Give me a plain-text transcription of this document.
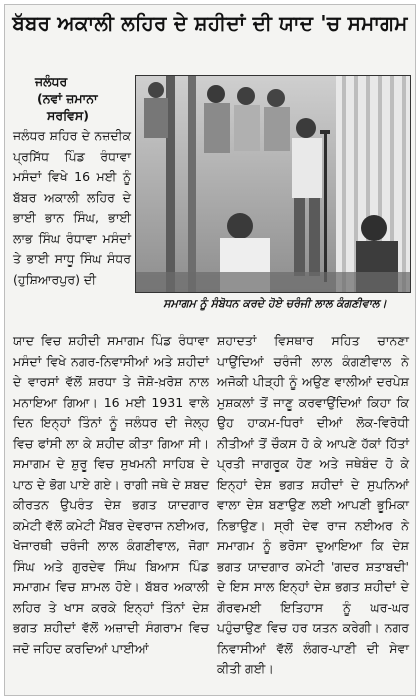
ਬੱਬਰ ਅਕਾਲੀ ਲਹਿਰ ਦੇ ਸ਼ਹੀਦਾਂ ਦੀ ਯਾਦ 'ਚ ਸਮਾਗਮ
ਜਲੰਧਰ
(ਨਵਾਂ ਜ਼ਮਾਨਾ
ਸਰਵਿਸ)
ਜਲੰਧਰ ਸ਼ਹਿਰ ਦੇ ਨਜ਼ਦੀਕ ਪ੍ਰਸਿੱਧ ਪਿੰਡ ਰੰਧਾਵਾ ਮਸੰਦਾਂ ਵਿਖੇ 16 ਮਈ ਨੂੰ ਬੱਬਰ ਅਕਾਲੀ ਲਹਿਰ ਦੇ ਭਾਈ ਭਾਨ ਸਿੰਘ, ਭਾਈ ਲਾਭ ਸਿੰਘ ਰੰਧਾਵਾ ਮਸੰਦਾਂ ਤੇ ਭਾਈ ਸਾਧੂ ਸਿੰਘ ਸੰਧਰ (ਹੁਸ਼ਿਆਰਪੁਰ) ਦੀ
ਸਮਾਗਮ ਨੂੰ ਸੰਬੋਧਨ ਕਰਦੇ ਹੋਏ ਚਰੰਜੀ ਲਾਲ ਕੰਗਣੀਵਾਲ।
ਯਾਦ ਵਿਚ ਸ਼ਹੀਦੀ ਸਮਾਗਮ ਪਿੰਡ ਰੰਧਾਵਾ ਮਸੰਦਾਂ ਵਿਖੇ ਨਗਰ-ਨਿਵਾਸੀਆਂ ਅਤੇ ਸ਼ਹੀਦਾਂ ਦੇ ਵਾਰਸਾਂ ਵੱਲੋਂ ਸ਼ਰਧਾ ਤੇ ਜੋਸ਼ੋ-ਖ਼ਰੋਸ਼ ਨਾਲ ਮਨਾਇਆ ਗਿਆ। 16 ਮਈ 1931 ਵਾਲੇ ਦਿਨ ਇਨ੍ਹਾਂ ਤਿੰਨਾਂ ਨੂੰ ਜਲੰਧਰ ਦੀ ਜੇਲ੍ਹ ਵਿਚ ਫਾਂਸੀ ਲਾ ਕੇ ਸ਼ਹੀਦ ਕੀਤਾ ਗਿਆ ਸੀ। ਸਮਾਗਮ ਦੇ ਸ਼ੁਰੂ ਵਿਚ ਸੁਖਮਨੀ ਸਾਹਿਬ ਦੇ ਪਾਠ ਦੇ ਭੋਗ ਪਾਏ ਗਏ। ਰਾਗੀ ਜਥੇ ਦੇ ਸ਼ਬਦ ਕੀਰਤਨ ਉਪਰੰਤ ਦੇਸ਼ ਭਗਤ ਯਾਦਗਾਰ ਕਮੇਟੀ ਵੱਲੋਂ ਕਮੇਟੀ ਮੈਂਬਰ ਦੇਵਰਾਜ ਨਈਅਰ, ਖੋਜਾਰਥੀ ਚਰੰਜੀ ਲਾਲ ਕੰਗਣੀਵਾਲ, ਜੋਗਾ ਸਿੰਘ ਅਤੇ ਗੁਰਦੇਵ ਸਿੰਘ ਬਿਆਸ ਪਿੰਡ ਸਮਾਗਮ ਵਿਚ ਸ਼ਾਮਲ ਹੋਏ। ਬੱਬਰ ਅਕਾਲੀ ਲਹਿਰ ਤੇ ਖਾਸ ਕਰਕੇ ਇਨ੍ਹਾਂ ਤਿੰਨਾਂ ਦੇਸ਼ ਭਗਤ ਸ਼ਹੀਦਾਂ ਵੱਲੋਂ ਅਜ਼ਾਦੀ ਸੰਗਰਾਮ ਵਿਚ ਜਦੋ ਜਹਿਦ ਕਰਦਿਆਂ ਪਾਈਆਂ
ਸ਼ਹਾਦਤਾਂ ਵਿਸਥਾਰ ਸਹਿਤ ਚਾਨਣਾ ਪਾਉਂਦਿਆਂ ਚਰੰਜੀ ਲਾਲ ਕੰਗਣੀਵਾਲ ਨੇ ਅਜੋਕੀ ਪੀੜ੍ਹੀ ਨੂੰ ਅਉਣ ਵਾਲੀਆਂ ਦਰਪੇਸ਼ ਮੁਸ਼ਕਲਾਂ ਤੋਂ ਜਾਣੂ ਕਰਵਾਉਂਦਿਆਂ ਕਿਹਾ ਕਿ ਉਹ ਹਾਕਮ-ਧਿਰਾਂ ਦੀਆਂ ਲੋਕ-ਵਿਰੋਧੀ ਨੀਤੀਆਂ ਤੋਂ ਚੌਕਸ ਹੋ ਕੇ ਆਪਣੇ ਹੱਕਾਂ ਹਿੱਤਾਂ ਪ੍ਰਤੀ ਜਾਗਰੂਕ ਹੋਣ ਅਤੇ ਜਥੇਬੰਦ ਹੋ ਕੇ ਇਨ੍ਹਾਂ ਦੇਸ਼ ਭਗਤ ਸ਼ਹੀਦਾਂ ਦੇ ਸੁਪਨਿਆਂ ਵਾਲਾ ਦੇਸ਼ ਬਣਾਉਣ ਲਈ ਆਪਣੀ ਭੂਮਿਕਾ ਨਿਭਾਉਣ। ਸ੍ਰੀ ਦੇਵ ਰਾਜ ਨਈਅਰ ਨੇ ਸਮਾਗਮ ਨੂੰ ਭਰੋਸਾ ਦੁਆਇਆ ਕਿ ਦੇਸ਼ ਭਗਤ ਯਾਦਗਾਰ ਕਮੇਟੀ 'ਗਦਰ ਸ਼ਤਾਬਦੀ' ਦੇ ਇਸ ਸਾਲ ਇਨ੍ਹਾਂ ਦੇਸ਼ ਭਗਤ ਸ਼ਹੀਦਾਂ ਦੇ ਗੌਰਵਮਈ ਇਤਿਹਾਸ ਨੂੰ ਘਰ-ਘਰ ਪਹੁੰਚਾਉਣ ਵਿਚ ਹਰ ਯਤਨ ਕਰੇਗੀ। ਨਗਰ ਨਿਵਾਸੀਆਂ ਵੱਲੋਂ ਲੰਗਰ-ਪਾਣੀ ਦੀ ਸੇਵਾ ਕੀਤੀ ਗਈ।
